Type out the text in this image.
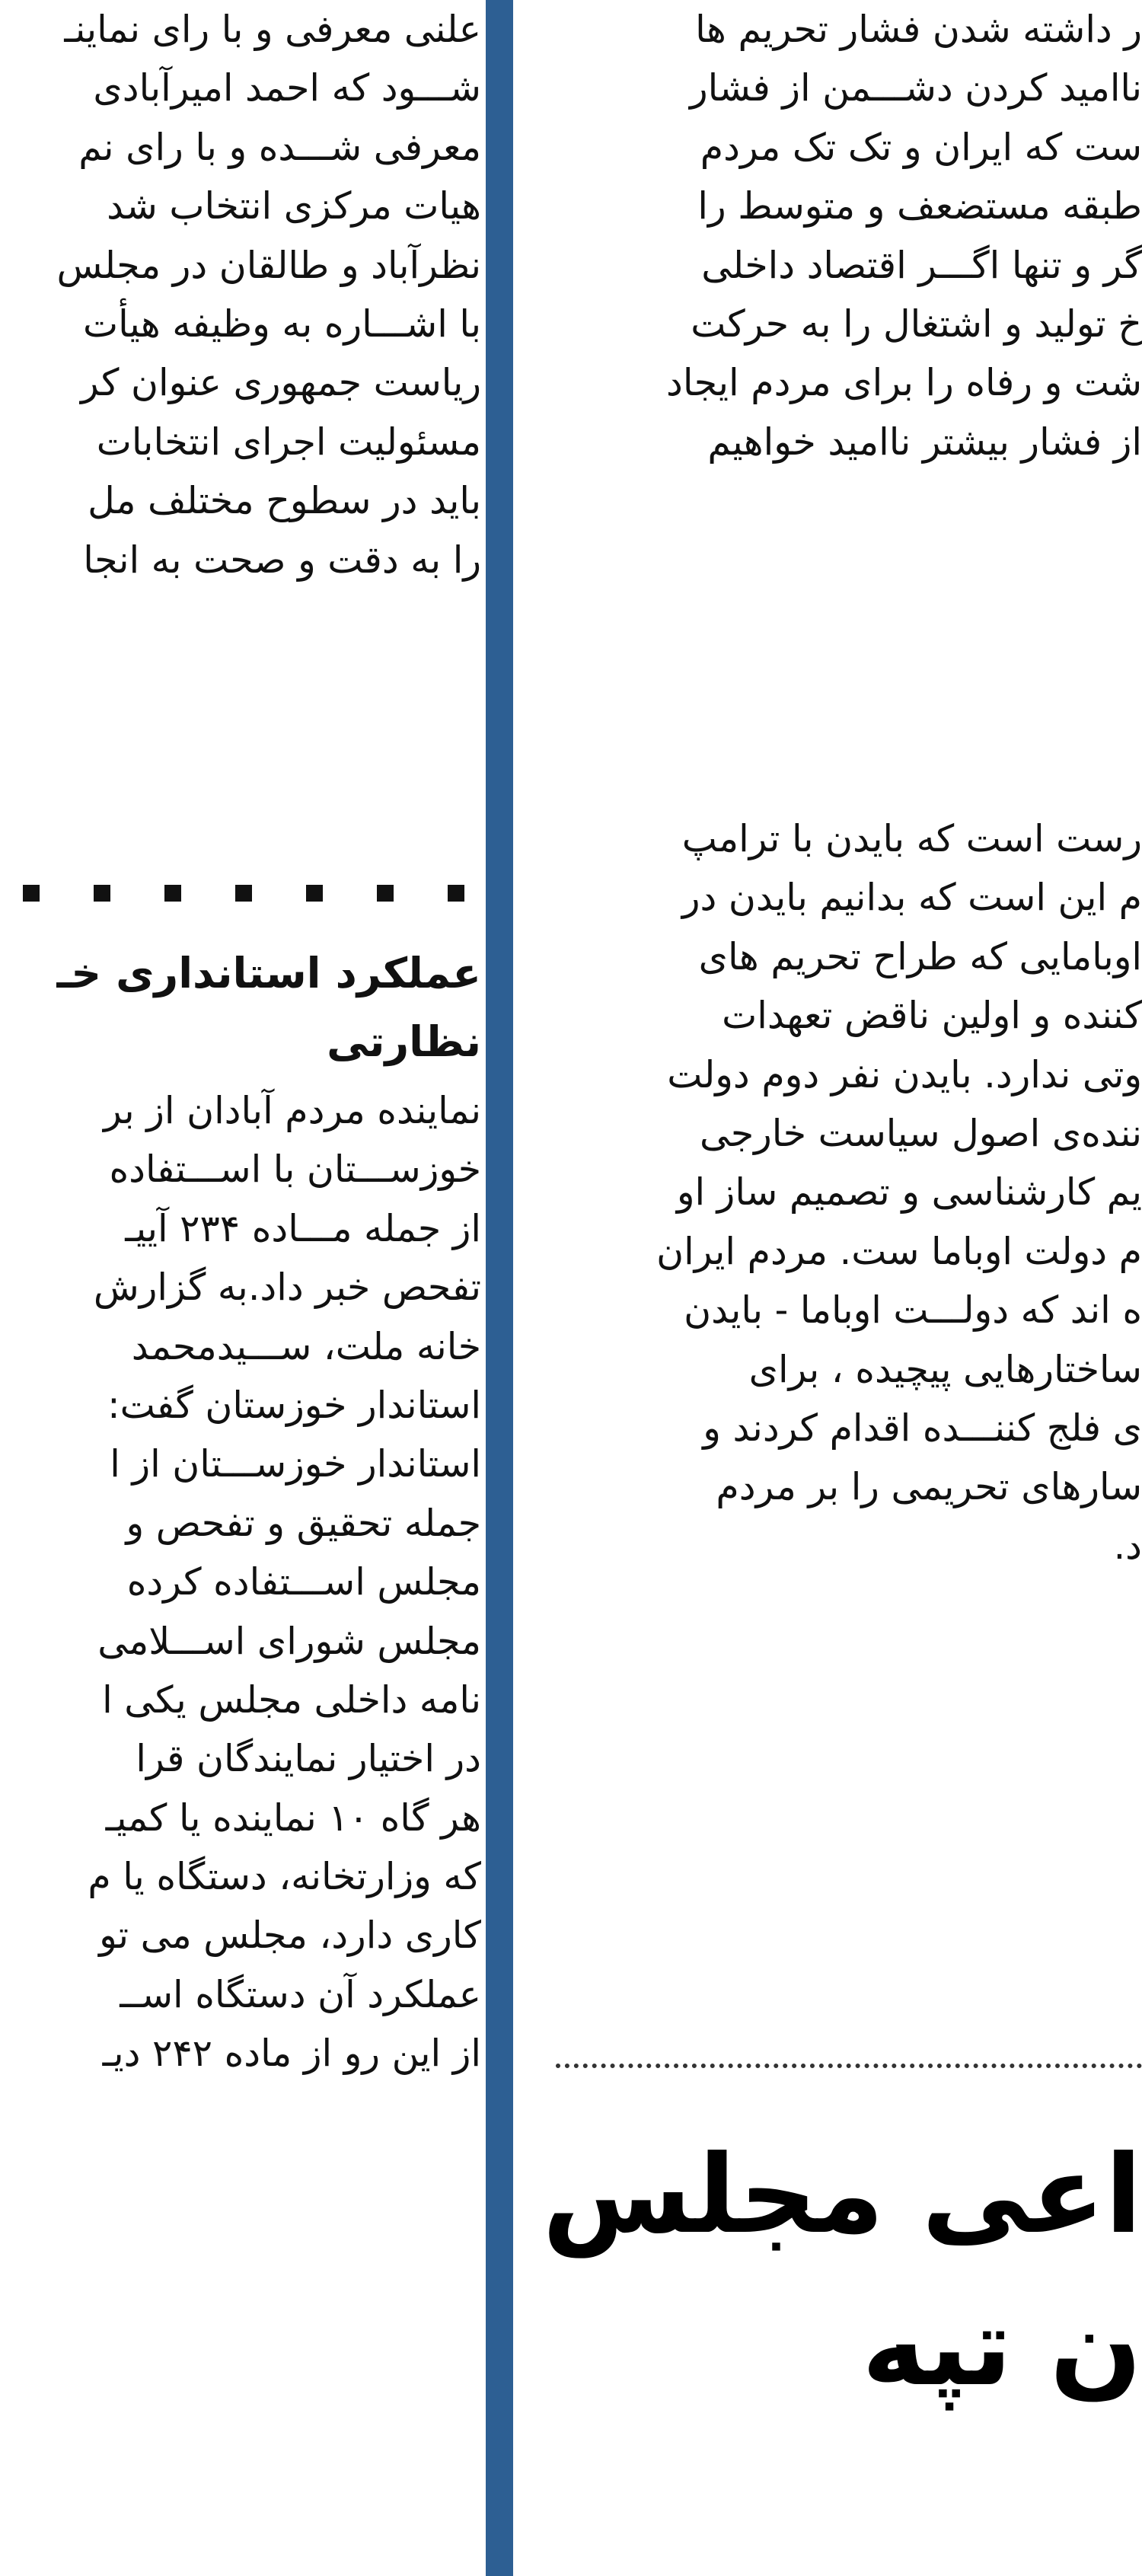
ر داشته شدن فشار تحریم ها
ناامید کردن دشـــمن از فشار
ست که ایران و تک تک مردم
طبقه مستضعف و متوسط را
گر و تنها اگـــر اقتصاد داخلی
خ تولید و اشتغال را به حرکت
شت و رفاه را برای مردم ایجاد
از فشار بیشتر ناامید خواهیم
رست است که بایدن با ترامپ
م این است که بدانیم بایدن در
اوبامایی که طراح تحریم های
کننده و اولین ناقض تعهدات
وتی ندارد. بایدن نفر دوم دولت
ننده‌ی اصول سیاست خارجی
یم کارشناسی و تصمیم ساز او
م دولت اوباما ست. مردم ایران
ه اند که دولـــت اوباما - بایدن
ساختارهایی پیچیده ، برای
ی فلج کننـــده اقدام کردند و
سارهای تحریمی را بر مردم
د.
اعی مجلس
ن تپه
علنی معرفی و با رای نماینـ
شـــود که احمد امیرآبادی
معرفی شـــده و با رای نم
هیات مرکزی انتخاب شد
نظرآباد و طالقان در مجلس
با اشـــاره به وظیفه هیأت
ریاست جمهوری عنوان کر
مسئولیت اجرای انتخابات
باید در سطوح مختلف مل
را به دقت و صحت به انجا
عملکرد استانداری خـ
نظارتی
نماینده مردم آبادان از بر
خوزســـتان با اســـتفاده
از جمله مـــاده ۲۳۴ آییـ
تفحص خبر داد.به گزارش
خانه ملت، ســـیدمحمد
استاندار خوزستان گفت:
استاندار خوزســـتان از ا
جمله تحقیق و تفحص و
مجلس اســـتفاده کرده
مجلس شورای اســـلامی
نامه داخلی مجلس یکی ا
در اختیار نمایندگان قرا
هر گاه ۱۰ نماینده یا کمیـ
که وزارتخانه، دستگاه یا م
کاری دارد، مجلس می تو
عملکرد آن دستگاه اســ
از این رو از ماده ۲۴۲ دیـ
